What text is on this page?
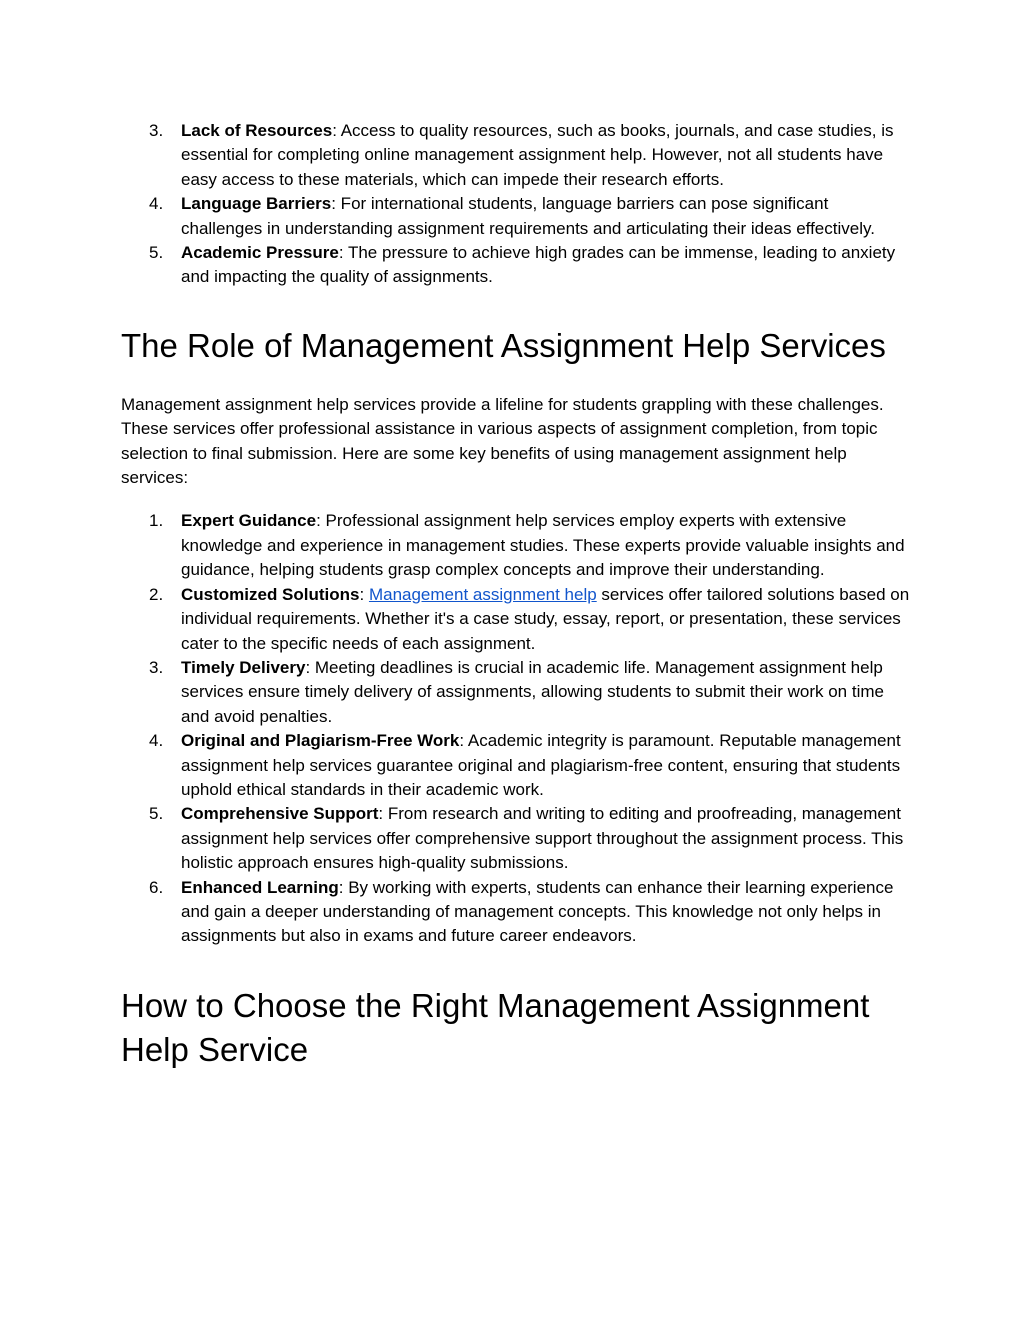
3. Lack of Resources: Access to quality resources, such as books, journals, and case studies, is essential for completing online management assignment help. However, not all students have easy access to these materials, which can impede their research efforts.
4. Language Barriers: For international students, language barriers can pose significant challenges in understanding assignment requirements and articulating their ideas effectively.
5. Academic Pressure: The pressure to achieve high grades can be immense, leading to anxiety and impacting the quality of assignments.
The Role of Management Assignment Help Services

Management assignment help services provide a lifeline for students grappling with these challenges. These services offer professional assistance in various aspects of assignment completion, from topic selection to final submission. Here are some key benefits of using management assignment help services:

1. Expert Guidance: Professional assignment help services employ experts with extensive knowledge and experience in management studies. These experts provide valuable insights and guidance, helping students grasp complex concepts and improve their understanding.
2. Customized Solutions: Management assignment help services offer tailored solutions based on individual requirements. Whether it's a case study, essay, report, or presentation, these services cater to the specific needs of each assignment.
3. Timely Delivery: Meeting deadlines is crucial in academic life. Management assignment help services ensure timely delivery of assignments, allowing students to submit their work on time and avoid penalties.
4. Original and Plagiarism-Free Work: Academic integrity is paramount. Reputable management assignment help services guarantee original and plagiarism-free content, ensuring that students uphold ethical standards in their academic work.
5. Comprehensive Support: From research and writing to editing and proofreading, management assignment help services offer comprehensive support throughout the assignment process. This holistic approach ensures high-quality submissions.
6. Enhanced Learning: By working with experts, students can enhance their learning experience and gain a deeper understanding of management concepts. This knowledge not only helps in assignments but also in exams and future career endeavors.
How to Choose the Right Management Assignment Help Service
